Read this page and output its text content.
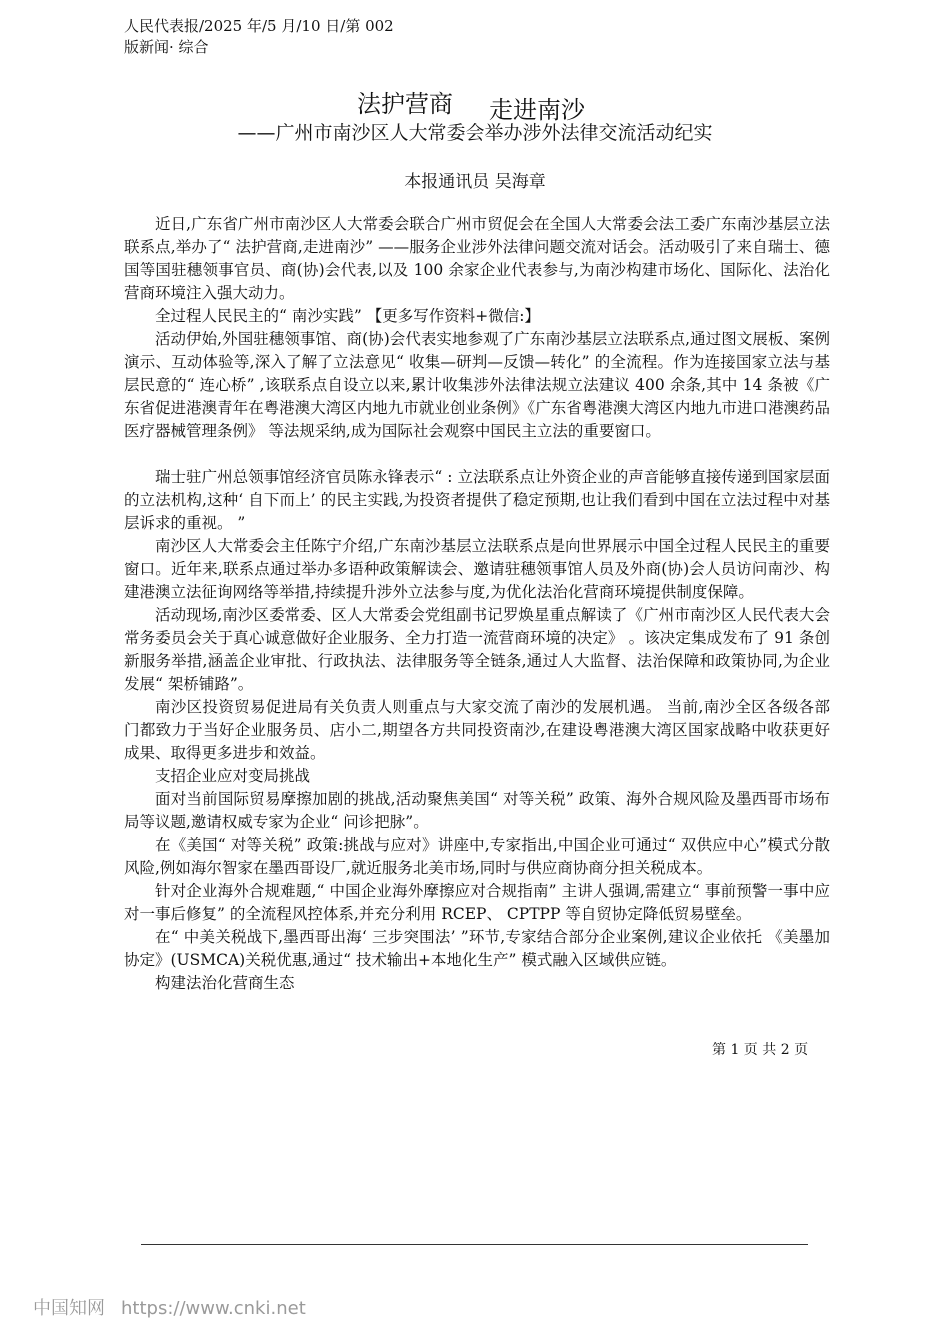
人民代表报/2025 年/5 月/10 日/第 002
版新闻· 综合
法护营商 走进南沙
——广州市南沙区人大常委会举办涉外法律交流活动纪实
本报通讯员 吴海章

近日,广东省广州市南沙区人大常委会联合广州市贸促会在全国人大常委会法工委广东南沙基层立法联系点,举办了“ 法护营商,走进南沙” ——服务企业涉外法律问题交流对话会。活动吸引了来自瑞士、德国等国驻穗领事官员、商(协)会代表,以及 100 余家企业代表参与,为南沙构建市场化、国际化、法治化营商环境注入强大动力。

全过程人民民主的“ 南沙实践” 【更多写作资料+微信:】

活动伊始,外国驻穗领事馆、商(协)会代表实地参观了广东南沙基层立法联系点,通过图文展板、案例演示、互动体验等,深入了解了立法意见“ 收集—研判—反馈—转化” 的全流程。作为连接国家立法与基层民意的“ 连心桥” ,该联系点自设立以来,累计收集涉外法律法规立法建议 400 余条,其中 14 条被《广东省促进港澳青年在粤港澳大湾区内地九市就业创业条例》《广东省粤港澳大湾区内地九市进口港澳药品医疗器械管理条例》 等法规采纳,成为国际社会观察中国民主立法的重要窗口。

瑞士驻广州总领事馆经济官员陈永锋表示“ : 立法联系点让外资企业的声音能够直接传递到国家层面的立法机构,这种‘ 自下而上’ 的民主实践,为投资者提供了稳定预期,也让我们看到中国在立法过程中对基层诉求的重视。 ”

南沙区人大常委会主任陈宁介绍,广东南沙基层立法联系点是向世界展示中国全过程人民民主的重要窗口。近年来,联系点通过举办多语种政策解读会、邀请驻穗领事馆人员及外商(协)会人员访问南沙、构建港澳立法征询网络等举措,持续提升涉外立法参与度,为优化法治化营商环境提供制度保障。

活动现场,南沙区委常委、区人大常委会党组副书记罗焕星重点解读了《广州市南沙区人民代表大会常务委员会关于真心诚意做好企业服务、全力打造一流营商环境的决定》 。该决定集成发布了 91 条创新服务举措,涵盖企业审批、行政执法、法律服务等全链条,通过人大监督、法治保障和政策协同,为企业发展“ 架桥铺路”。

南沙区投资贸易促进局有关负责人则重点与大家交流了南沙的发展机遇。 当前,南沙全区各级各部门都致力于当好企业服务员、店小二,期望各方共同投资南沙,在建设粤港澳大湾区国家战略中收获更好成果、取得更多进步和效益。

支招企业应对变局挑战

面对当前国际贸易摩擦加剧的挑战,活动聚焦美国“ 对等关税” 政策、海外合规风险及墨西哥市场布局等议题,邀请权威专家为企业“ 问诊把脉”。

在《美国“ 对等关税” 政策:挑战与应对》讲座中,专家指出,中国企业可通过“ 双供应中心”模式分散风险,例如海尔智家在墨西哥设厂,就近服务北美市场,同时与供应商协商分担关税成本。

针对企业海外合规难题,“ 中国企业海外摩擦应对合规指南” 主讲人强调,需建立“ 事前预警一事中应对一事后修复” 的全流程风控体系,并充分利用 RCEP、 CPTPP 等自贸协定降低贸易壁垒。

在“ 中美关税战下,墨西哥出海‘ 三步突围法’ ”环节,专家结合部分企业案例,建议企业依托 《美墨加协定》(USMCA)关税优惠,通过“ 技术输出+本地化生产” 模式融入区域供应链。

构建法治化营商生态

第 1 页 共 2 页
中国知网 https://www.cnki.net
